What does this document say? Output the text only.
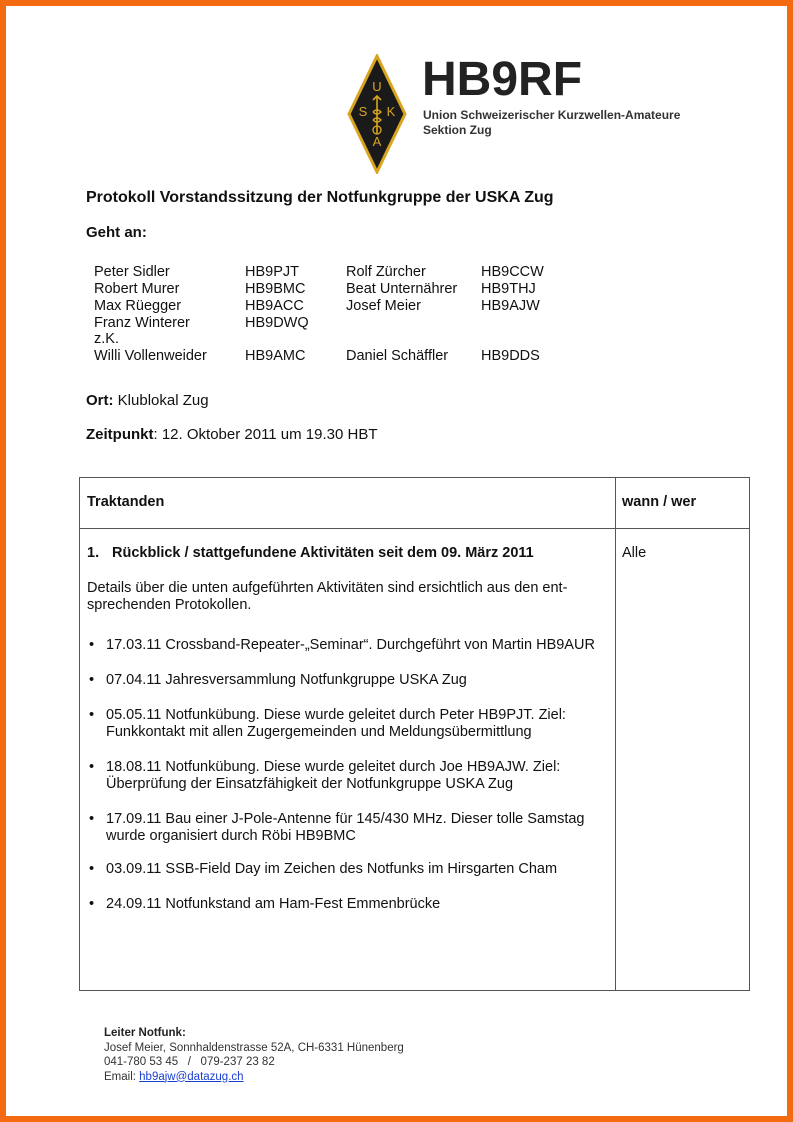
U
S K
A
HB9RF
Union Schweizerischer Kurzwellen-Amateure
Sektion Zug
Protokoll Vorstandssitzung der Notfunkgruppe der USKA Zug
Geht an:
Peter Sidler	HB9PJT	Rolf Zürcher	HB9CCW
Robert Murer	HB9BMC	Beat Unternährer HB9THJ
Max Rüegger	HB9ACC	Josef Meier	HB9AJW
Franz Winterer	HB9DWQ
z.K.
Willi Vollenweider	HB9AMC	Daniel Schäffler HB9DDS
Ort: Klublokal Zug
Zeitpunkt: 12. Oktober 2011 um 19.30 HBT
Traktanden	wann / wer
1. Rückblick / stattgefundene Aktivitäten seit dem 09. März 2011	Alle
Details über die unten aufgeführten Aktivitäten sind ersichtlich aus den ent-sprechenden Protokollen.
• 17.03.11 Crossband-Repeater-„Seminar“. Durchgeführt von Martin HB9AUR
• 07.04.11 Jahresversammlung Notfunkgruppe USKA Zug
• 05.05.11 Notfunkübung. Diese wurde geleitet durch Peter HB9PJT. Ziel: Funkkontakt mit allen Zugergemeinden und Meldungsübermittlung
• 18.08.11 Notfunkübung. Diese wurde geleitet durch Joe HB9AJW. Ziel: Überprüfung der Einsatzfähigkeit der Notfunkgruppe USKA Zug
• 17.09.11 Bau einer J-Pole-Antenne für 145/430 MHz. Dieser tolle Samstag wurde organisiert durch Röbi HB9BMC
• 03.09.11 SSB-Field Day im Zeichen des Notfunks im Hirsgarten Cham
• 24.09.11 Notfunkstand am Ham-Fest Emmenbrücke
Leiter Notfunk:
Josef Meier, Sonnhaldenstrasse 52A, CH-6331 Hünenberg
041-780 53 45   /   079-237 23 82
Email: hb9ajw@datazug.ch
